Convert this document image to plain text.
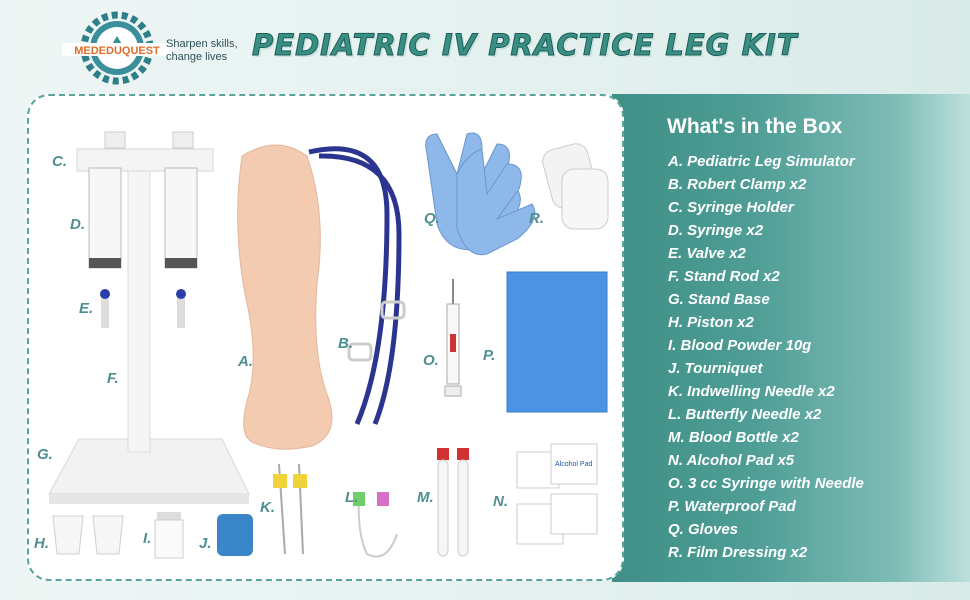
MEDEDUQUEST
Sharpen skills,
change lives PEDIATRIC IV PRACTICE LEG KIT
What's in the Box
A. Pediatric Leg Simulator
B. Robert Clamp x2
C. Syringe Holder
D. Syringe x2
E. Valve x2
F. Stand Rod x2
G. Stand Base
H. Piston x2
I. Blood Powder 10g
J. Tourniquet
K. Indwelling Needle x2
L. Butterfly Needle x2
M. Blood Bottle x2
N. Alcohol Pad x5
O. 3 cc Syringe with Needle
P. Waterproof Pad
Q. Gloves
R. Film Dressing x2
Alcohol Pad
C.
D.
E.
F.
G.
H.	I.	J.
A.
B.
Q.	R.
O.	P.
K.
L.	M.	N.
